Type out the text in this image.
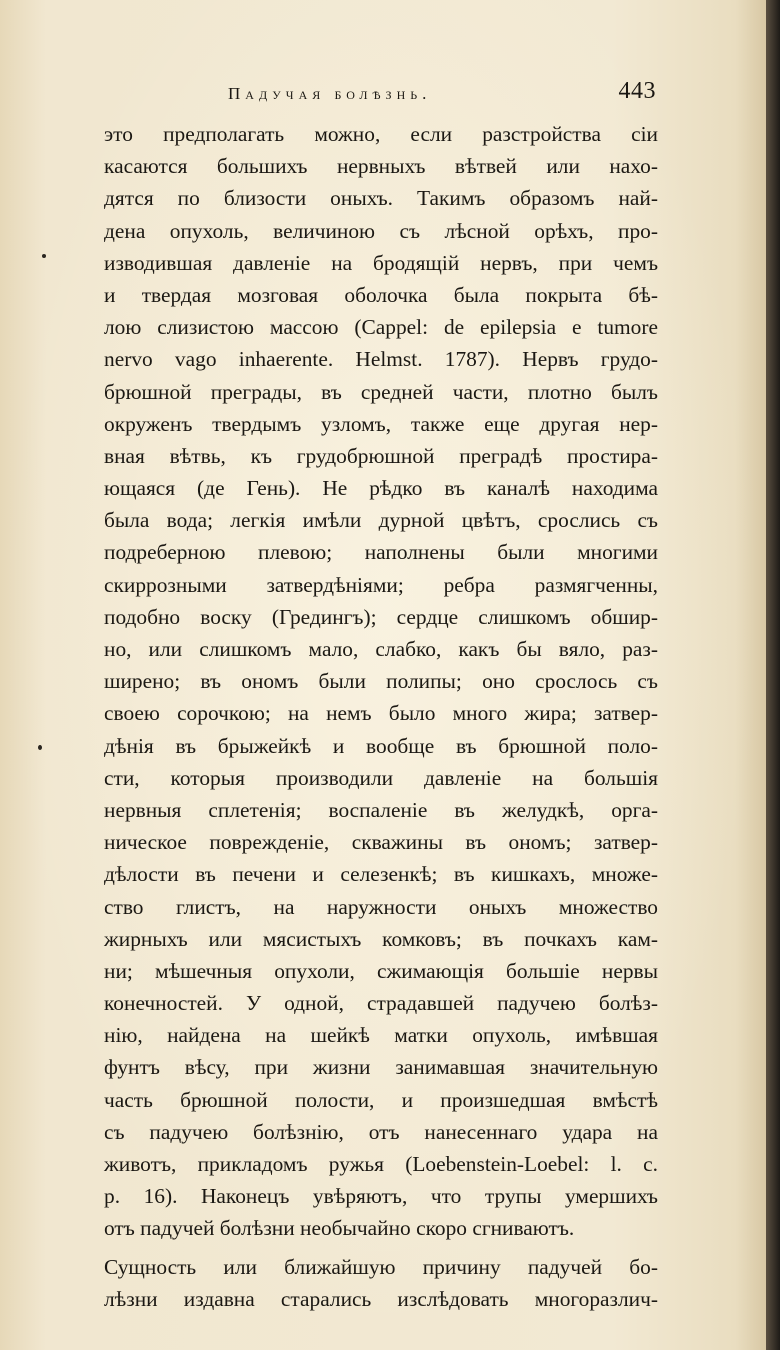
Падучая болѣзнь.	443
это предполагать можно, если разстройства сіи
касаются большихъ нервныхъ вѣтвей или нахо-
дятся по близости оныхъ. Такимъ образомъ най-
дена опухоль, величиною съ лѣсной орѣхъ, про-
изводившая давленіе на бродящій нервъ, при чемъ
и твердая мозговая оболочка была покрыта бѣ-
лою слизистою массою (Cappel: de epilepsia e tumore
nervo vago inhaerente. Helmst. 1787). Нервъ грудо-
брюшной преграды, въ средней части, плотно былъ
окруженъ твердымъ узломъ, также еще другая нер-
вная вѣтвь, къ грудобрюшной преградѣ простира-
ющаяся (де Гень). Не рѣдко въ каналѣ находима
была вода; легкія имѣли дурной цвѣтъ, срослись съ
подреберною плевою; наполнены были многими
скиррозными затвердѣніями; ребра размягченны,
подобно воску (Гредингъ); сердце слишкомъ обшир-
но, или слишкомъ мало, слабко, какъ бы вяло, раз-
ширено; въ ономъ были полипы; оно срослось съ
своею сорочкою; на немъ было много жира; затвер-
дѣнія въ брыжейкѣ и вообще въ брюшной поло-
сти, которыя производили давленіе на большія
нервныя сплетенія; воспаленіе въ желудкѣ, орга-
ническое поврежденіе, скважины въ ономъ; затвер-
дѣлости въ печени и селезенкѣ; въ кишкахъ, множе-
ство глистъ, на наружности оныхъ множество
жирныхъ или мясистыхъ комковъ; въ почкахъ кам-
ни; мѣшечныя опухоли, сжимающія большіе нервы
конечностей. У одной, страдавшей падучею болѣз-
нію, найдена на шейкѣ матки опухоль, имѣвшая
фунтъ вѣсу, при жизни занимавшая значительную
часть брюшной полости, и произшедшая вмѣстѣ
съ падучею болѣзнію, отъ нанесеннаго удара на
животъ, прикладомъ ружья (Loebenstein-Loebel: l. c.
p. 16). Наконецъ увѣряютъ, что трупы умершихъ
отъ падучей болѣзни необычайно скоро сгниваютъ.
Сущность или ближайшую причину падучей бо-
лѣзни издавна старались изслѣдовать многоразлич-
